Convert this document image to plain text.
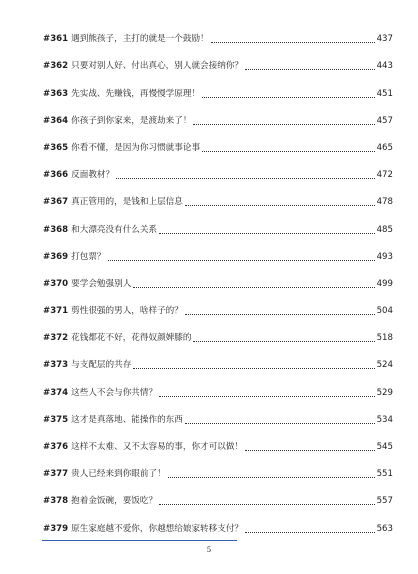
#361 遇到熊孩子，主打的就是一个鼓励！	437
#362 只要对别人好、付出真心，别人就会接纳你？	443
#363 先实战、先赚钱，再慢慢学原理！	451
#364 你孩子到你家来，是渡劫来了！	457
#365 你看不懂，是因为你习惯就事论事	465
#366 反面教材？	472
#367 真正管用的，是钱和上层信息	478
#368 和大漂亮没有什么关系	485
#369 打包票？	493
#370 要学会勉强别人	499
#371 剪性很强的男人，啥样子的？	504
#372 花钱都花不好，花得奴颜婢膝的	518
#373 与支配层的共存	524
#374 这些人不会与你共情？	529
#375 这才是真落地、能操作的东西	534
#376 这样不太难、又不太容易的事，你才可以做！	545
#377 贵人已经来到你眼前了！	551
#378 抱着金饭碗，要饭吃？	557
#379 原生家庭越不爱你，你越想给娘家转移支付？	563
5
